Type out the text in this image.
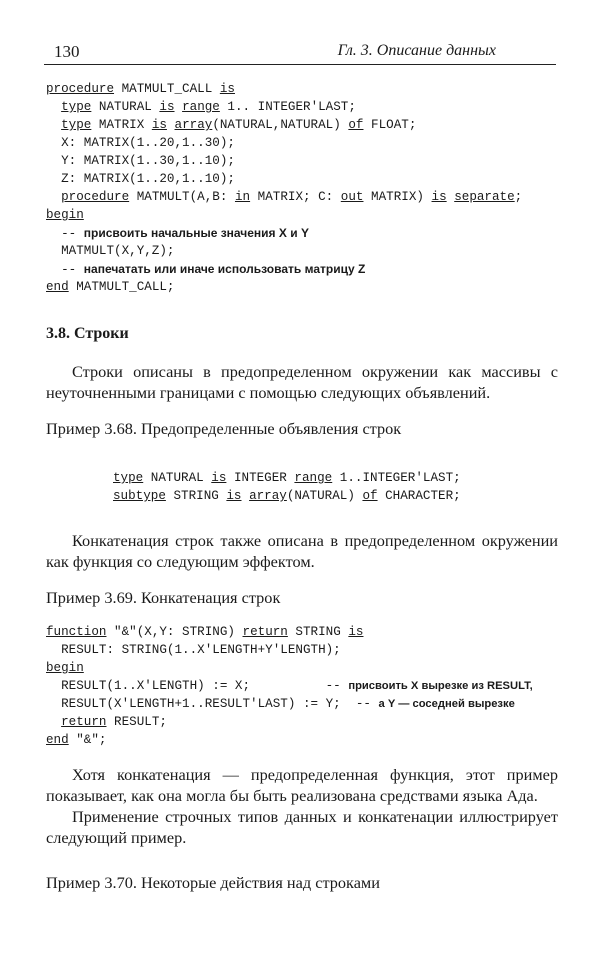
130	Гл. 3. Описание данных
procedure MATMULT_CALL is
type NATURAL is range 1.. INTEGER'LAST;
type MATRIX is array(NATURAL,NATURAL) of FLOAT;
X: MATRIX(1..20,1..30);
Y: MATRIX(1..30,1..10);
Z: MATRIX(1..20,1..10);
procedure MATMULT(A,B: in MATRIX; C: out MATRIX) is separate;
begin
-- присвоить начальные значения X и Y
MATMULT(X,Y,Z);
-- напечатать или иначе использовать матрицу Z
end MATMULT_CALL;
3.8. Строки

Строки описаны в предопределенном окружении как массивы с неуточненными границами с помощью следующих объявлений.

Пример 3.68. Предопределенные объявления строк
type NATURAL is INTEGER range 1..INTEGER'LAST;
subtype STRING is array(NATURAL) of CHARACTER;

Конкатенация строк также описана в предопределенном окружении как функция со следующим эффектом.

Пример 3.69. Конкатенация строк
function "&"(X,Y: STRING) return STRING is
RESULT: STRING(1..X'LENGTH+Y'LENGTH);
begin
RESULT(1..X'LENGTH) := X;          -- присвоить X вырезке из RESULT,
RESULT(X'LENGTH+1..RESULT'LAST) := Y;  -- а Y — соседней вырезке
return RESULT;
end "&";

Хотя конкатенация — предопределенная функция, этот пример показывает, как она могла бы быть реализована средствами языка Ада.

Применение строчных типов данных и конкатенации иллюстрирует следующий пример.

Пример 3.70. Некоторые действия над строками
